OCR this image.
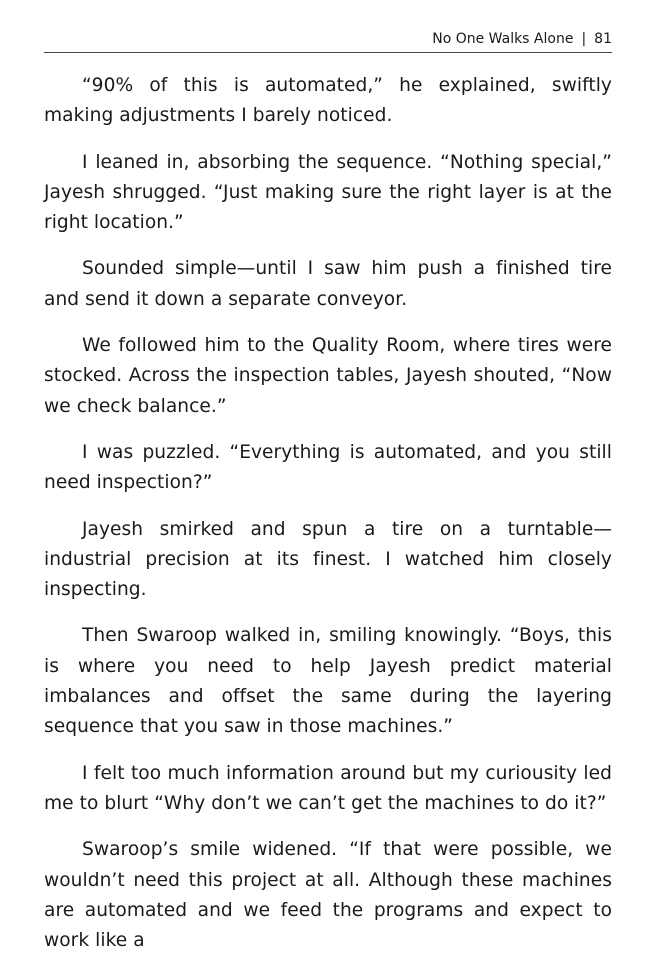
No One Walks Alone | 81

“90% of this is automated,” he explained, swiftly making adjustments I barely noticed.

I leaned in, absorbing the sequence. “Nothing special,” Jayesh shrugged. “Just making sure the right layer is at the right location.”

Sounded simple—until I saw him push a finished tire and send it down a separate conveyor.

We followed him to the Quality Room, where tires were stocked. Across the inspection tables, Jayesh shouted, “Now we check balance.”

I was puzzled. “Everything is automated, and you still need inspection?”

Jayesh smirked and spun a tire on a turntable—industrial precision at its finest. I watched him closely inspecting.

Then Swaroop walked in, smiling knowingly. “Boys, this is where you need to help Jayesh predict material imbalances and offset the same during the layering sequence that you saw in those machines.”

I felt too much information around but my curiousity led me to blurt “Why don’t we can’t get the machines to do it?”

Swaroop’s smile widened. “If that were possible, we wouldn’t need this project at all. Although these machines are automated and we feed the programs and expect to work like a
